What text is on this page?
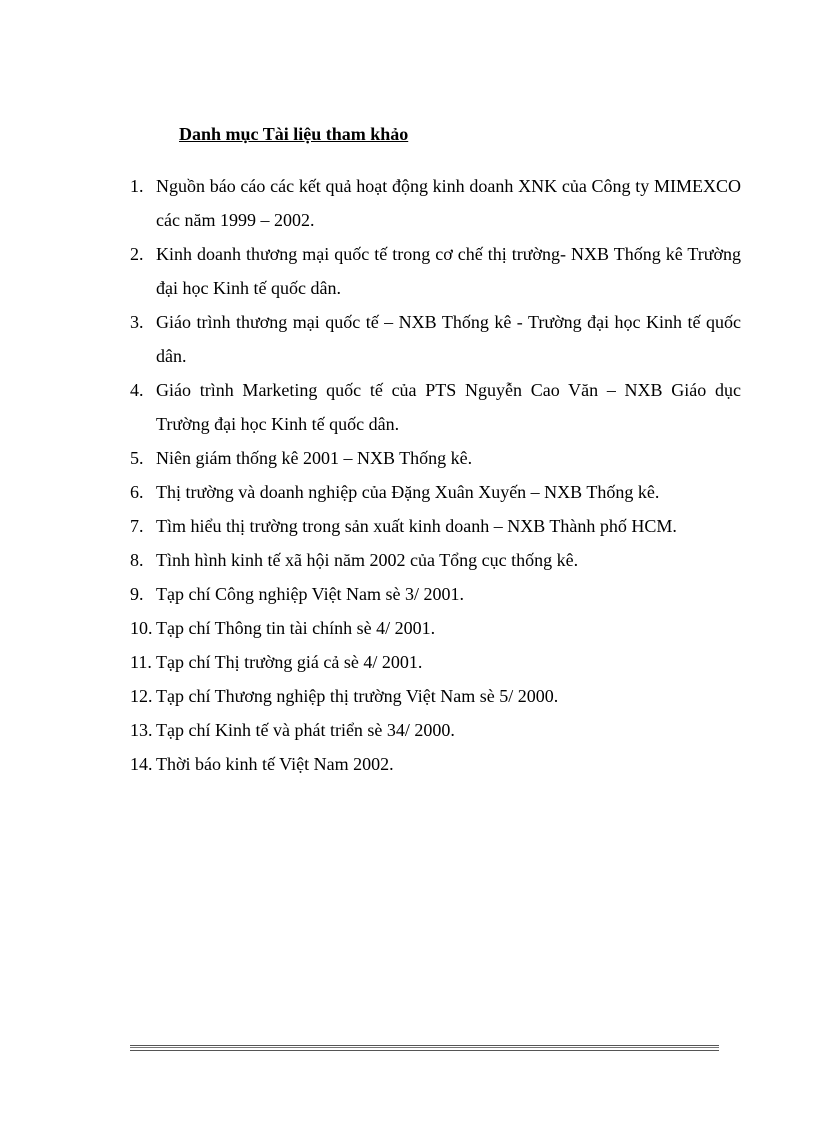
Danh mục Tài liệu tham khảo
1. Nguồn báo cáo các kết quả hoạt động kinh doanh XNK của Công ty MIMEXCO các năm 1999 – 2002.
2. Kinh doanh thương mại quốc tế trong cơ chế thị trường- NXB Thống kê Trường đại học Kinh tế quốc dân.
3. Giáo trình thương mại quốc tế – NXB Thống kê - Trường đại học Kinh tế quốc dân.
4. Giáo trình Marketing quốc tế của PTS Nguyễn Cao Văn – NXB Giáo dục Trường đại học Kinh tế quốc dân.
5. Niên giám thống kê 2001 – NXB Thống kê.
6. Thị trường và doanh nghiệp của Đặng Xuân Xuyến – NXB Thống kê.
7. Tìm hiểu thị trường trong sản xuất kinh doanh – NXB Thành phố HCM.
8. Tình hình kinh tế xã hội năm 2002 của Tổng cục thống kê.
9. Tạp chí Công nghiệp Việt Nam sè 3/ 2001.
10. Tạp chí Thông tin tài chính sè 4/ 2001.
11. Tạp chí Thị trường giá cả sè 4/ 2001.
12. Tạp chí Thương nghiệp thị trường Việt Nam sè 5/ 2000.
13. Tạp chí Kinh tế và phát triển sè 34/ 2000.
14. Thời báo kinh tế Việt Nam 2002.
